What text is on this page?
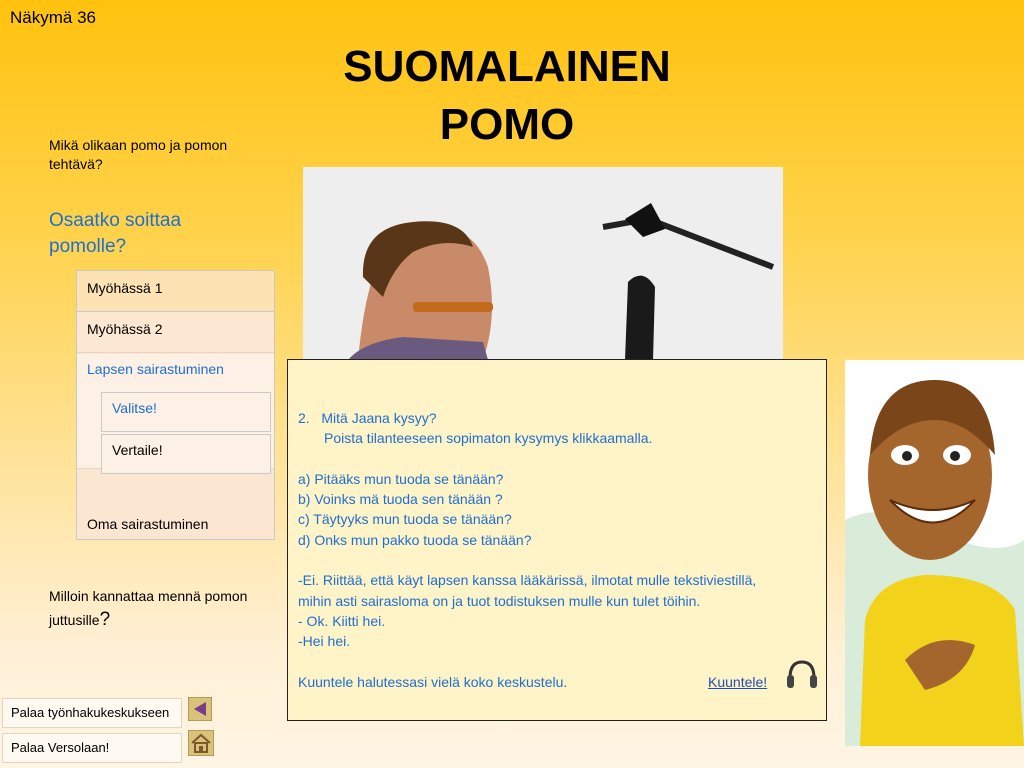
Näkymä 36
SUOMALAINEN
POMO
Mikä olikaan pomo ja pomon tehtävä?
Osaatko soittaa pomolle?
Milloin kannattaa mennä pomon juttusille?
Myöhässä 1
Myöhässä 2
Lapsen sairastuminen
Valitse!
Vertaile!
Oma sairastuminen
2. Mitä Jaana kysyy?
Poista tilanteeseen sopimaton kysymys klikkaamalla.

a) Pitääks mun tuoda se tänään?
b) Voinks mä tuoda sen tänään ?
c) Täytyyks mun tuoda se tänään?
d) Onks mun pakko tuoda se tänään?

-Ei. Riittää, että käyt lapsen kanssa lääkärissä, ilmotat mulle tekstiviestillä,
mihin asti sairasloma on ja tuot todistuksen mulle kun tulet töihin.
- Ok. Kiitti hei.
-Hei hei.
Kuuntele halutessasi vielä koko keskustelu.	Kuuntele!
Palaa työnhakukeskukseen
Palaa Versolaan!
